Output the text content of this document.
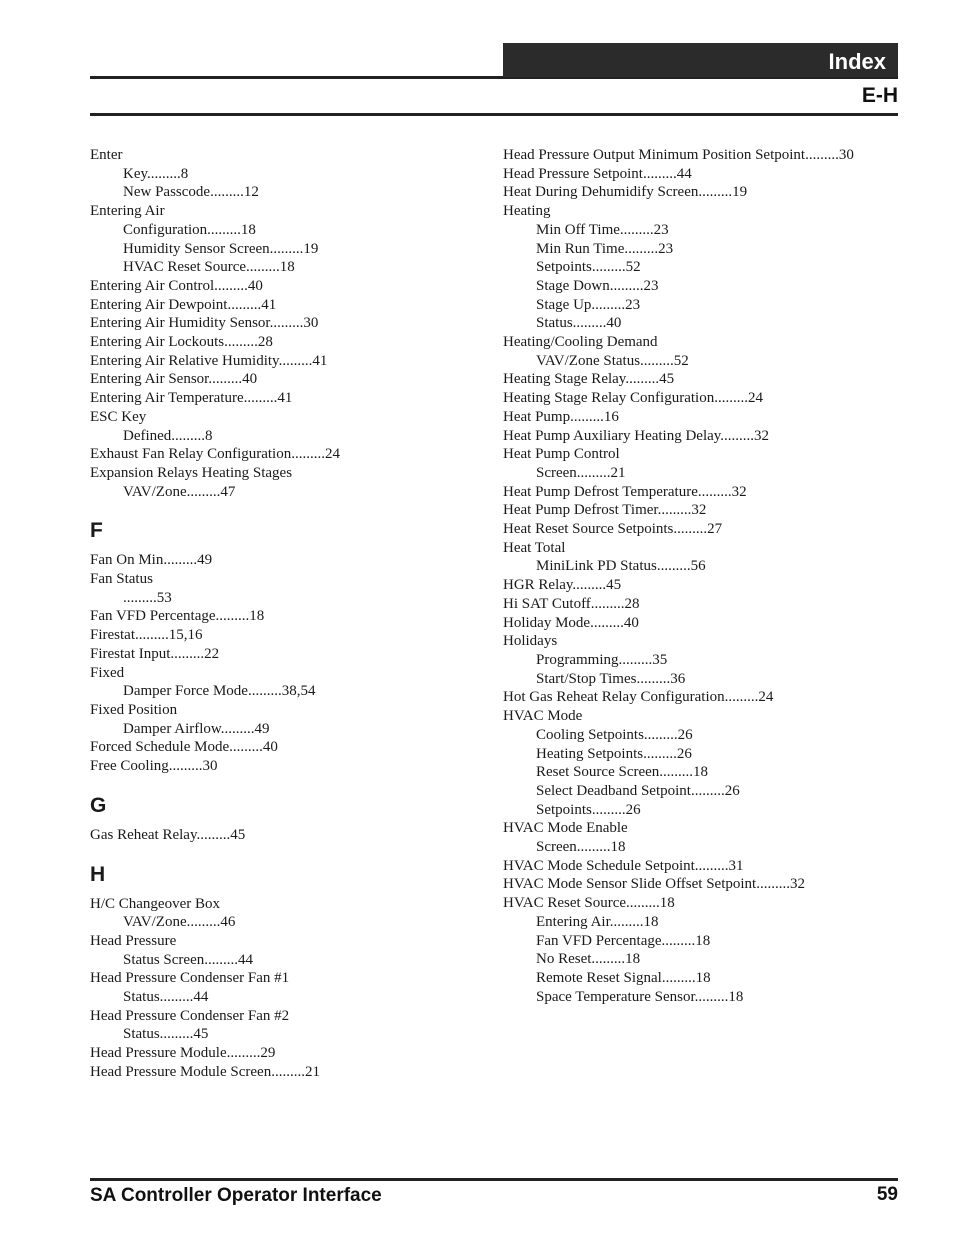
Index
E-H
Enter
Key.........8
New Passcode.........12
Entering Air
Configuration.........18
Humidity Sensor Screen.........19
HVAC Reset Source.........18
Entering Air Control.........40
Entering Air Dewpoint.........41
Entering Air Humidity Sensor.........30
Entering Air Lockouts.........28
Entering Air Relative Humidity.........41
Entering Air Sensor.........40
Entering Air Temperature.........41
ESC Key
Defined.........8
Exhaust Fan Relay Configuration.........24
Expansion Relays Heating Stages
VAV/Zone.........47
F
Fan On Min.........49
Fan Status
.........53
Fan VFD Percentage.........18
Firestat.........15,16
Firestat Input.........22
Fixed
Damper Force Mode.........38,54
Fixed Position
Damper Airflow.........49
Forced Schedule Mode.........40
Free Cooling.........30
G
Gas Reheat Relay.........45
H
H/C Changeover Box
VAV/Zone.........46
Head Pressure
Status Screen.........44
Head Pressure Condenser Fan #1
Status.........44
Head Pressure Condenser Fan #2
Status.........45
Head Pressure Module.........29
Head Pressure Module Screen.........21
Head Pressure Output Minimum Position Setpoint.........30
Head Pressure Setpoint.........44
Heat During Dehumidify Screen.........19
Heating
Min Off Time.........23
Min Run Time.........23
Setpoints.........52
Stage Down.........23
Stage Up.........23
Status.........40
Heating/Cooling Demand
VAV/Zone Status.........52
Heating Stage Relay.........45
Heating Stage Relay Configuration.........24
Heat Pump.........16
Heat Pump Auxiliary Heating Delay.........32
Heat Pump Control
Screen.........21
Heat Pump Defrost Temperature.........32
Heat Pump Defrost Timer.........32
Heat Reset Source Setpoints.........27
Heat Total
MiniLink PD Status.........56
HGR Relay.........45
Hi SAT Cutoff.........28
Holiday Mode.........40
Holidays
Programming.........35
Start/Stop Times.........36
Hot Gas Reheat Relay Configuration.........24
HVAC Mode
Cooling Setpoints.........26
Heating Setpoints.........26
Reset Source Screen.........18
Select Deadband Setpoint.........26
Setpoints.........26
HVAC Mode Enable
Screen.........18
HVAC Mode Schedule Setpoint.........31
HVAC Mode Sensor Slide Offset Setpoint.........32
HVAC Reset Source.........18
Entering Air.........18
Fan VFD Percentage.........18
No Reset.........18
Remote Reset Signal.........18
Space Temperature Sensor.........18
SA Controller Operator Interface	59
